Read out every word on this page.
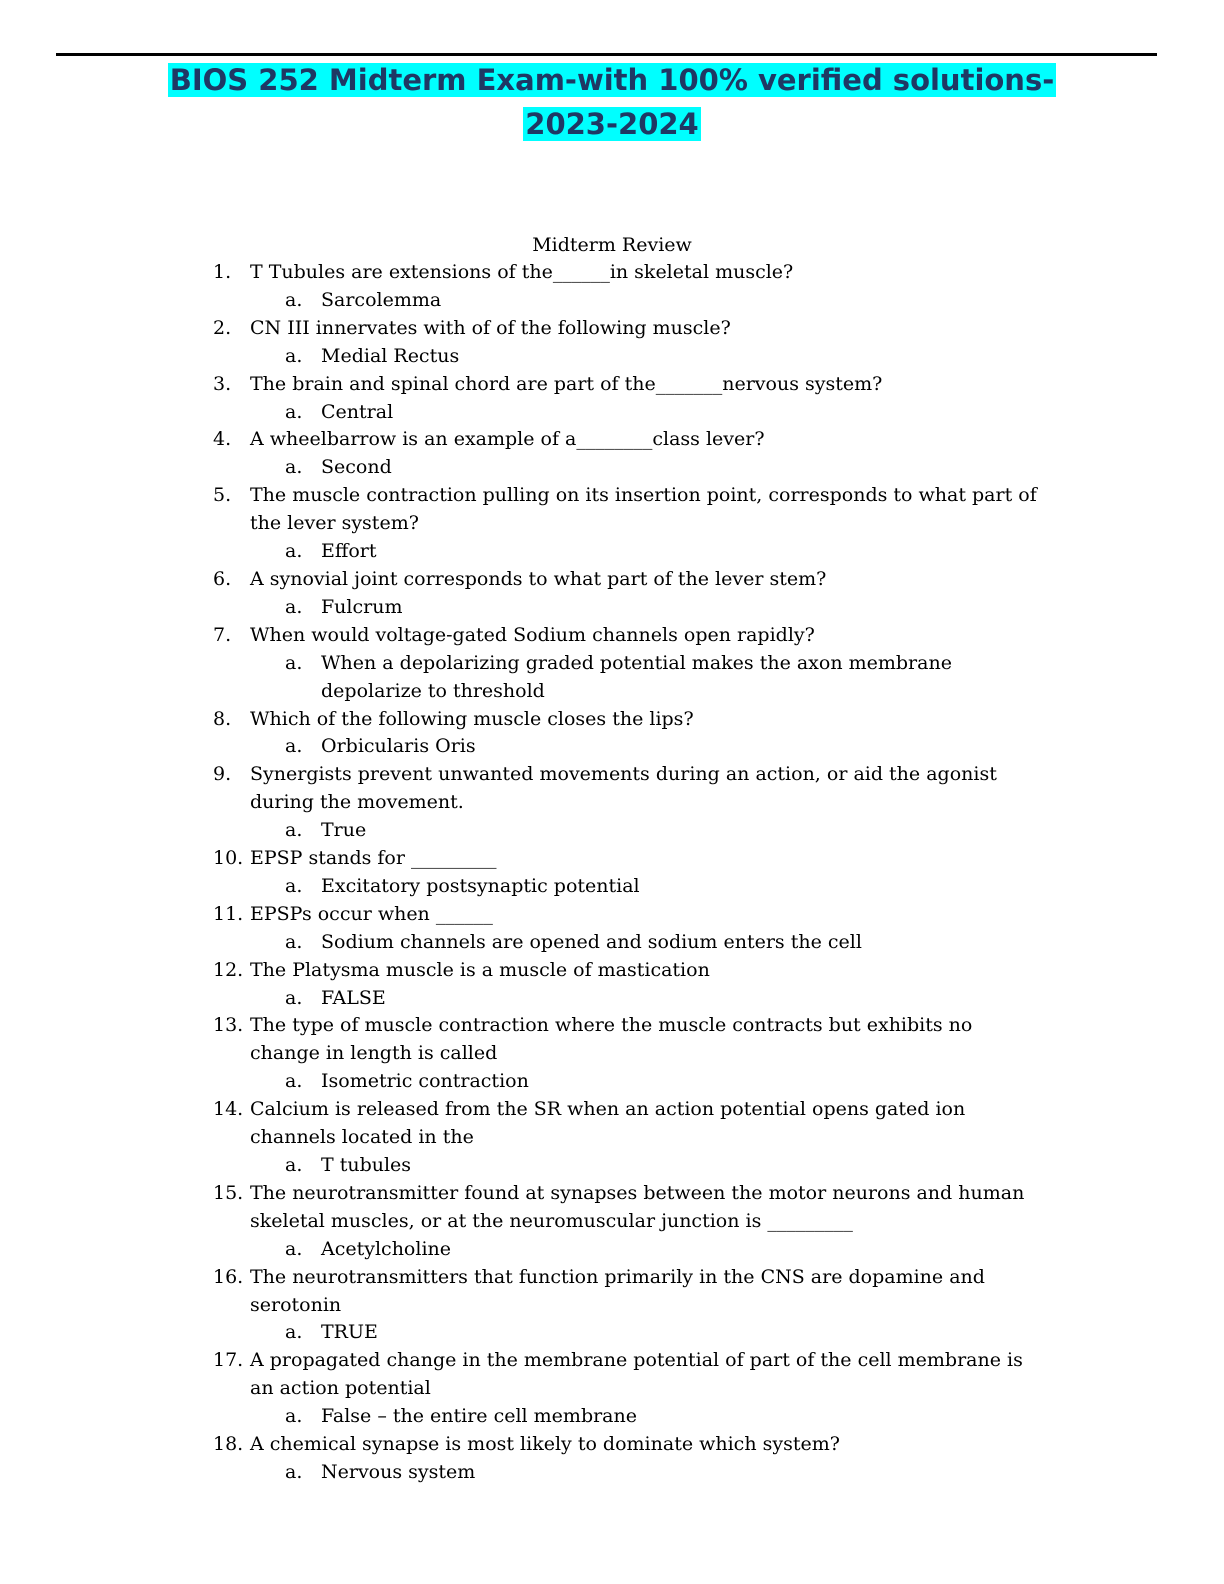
BIOS 252 Midterm Exam-with 100% verified solutions-
2023-2024
Midterm Review
1. T Tubules are extensions of the______in skeletal muscle?
a. Sarcolemma
2. CN III innervates with of of the following muscle?
a. Medial Rectus
3. The brain and spinal chord are part of the_______nervous system?
a. Central
4. A wheelbarrow is an example of a________class lever?
a. Second
5. The muscle contraction pulling on its insertion point, corresponds to what part of the lever system?
a. Effort
6. A synovial joint corresponds to what part of the lever stem?
a. Fulcrum
7. When would voltage-gated Sodium channels open rapidly?
a. When a depolarizing graded potential makes the axon membrane depolarize to threshold
8. Which of the following muscle closes the lips?
a. Orbicularis Oris
9. Synergists prevent unwanted movements during an action, or aid the agonist during the movement.
a. True
10. EPSP stands for _________
a. Excitatory postsynaptic potential
11. EPSPs occur when ______
a. Sodium channels are opened and sodium enters the cell
12. The Platysma muscle is a muscle of mastication
a. FALSE
13. The type of muscle contraction where the muscle contracts but exhibits no change in length is called
a. Isometric contraction
14. Calcium is released from the SR when an action potential opens gated ion channels located in the
a. T tubules
15. The neurotransmitter found at synapses between the motor neurons and human skeletal muscles, or at the neuromuscular junction is _________
a. Acetylcholine
16. The neurotransmitters that function primarily in the CNS are dopamine and serotonin
a. TRUE
17. A propagated change in the membrane potential of part of the cell membrane is an action potential
a. False – the entire cell membrane
18. A chemical synapse is most likely to dominate which system?
a. Nervous system
